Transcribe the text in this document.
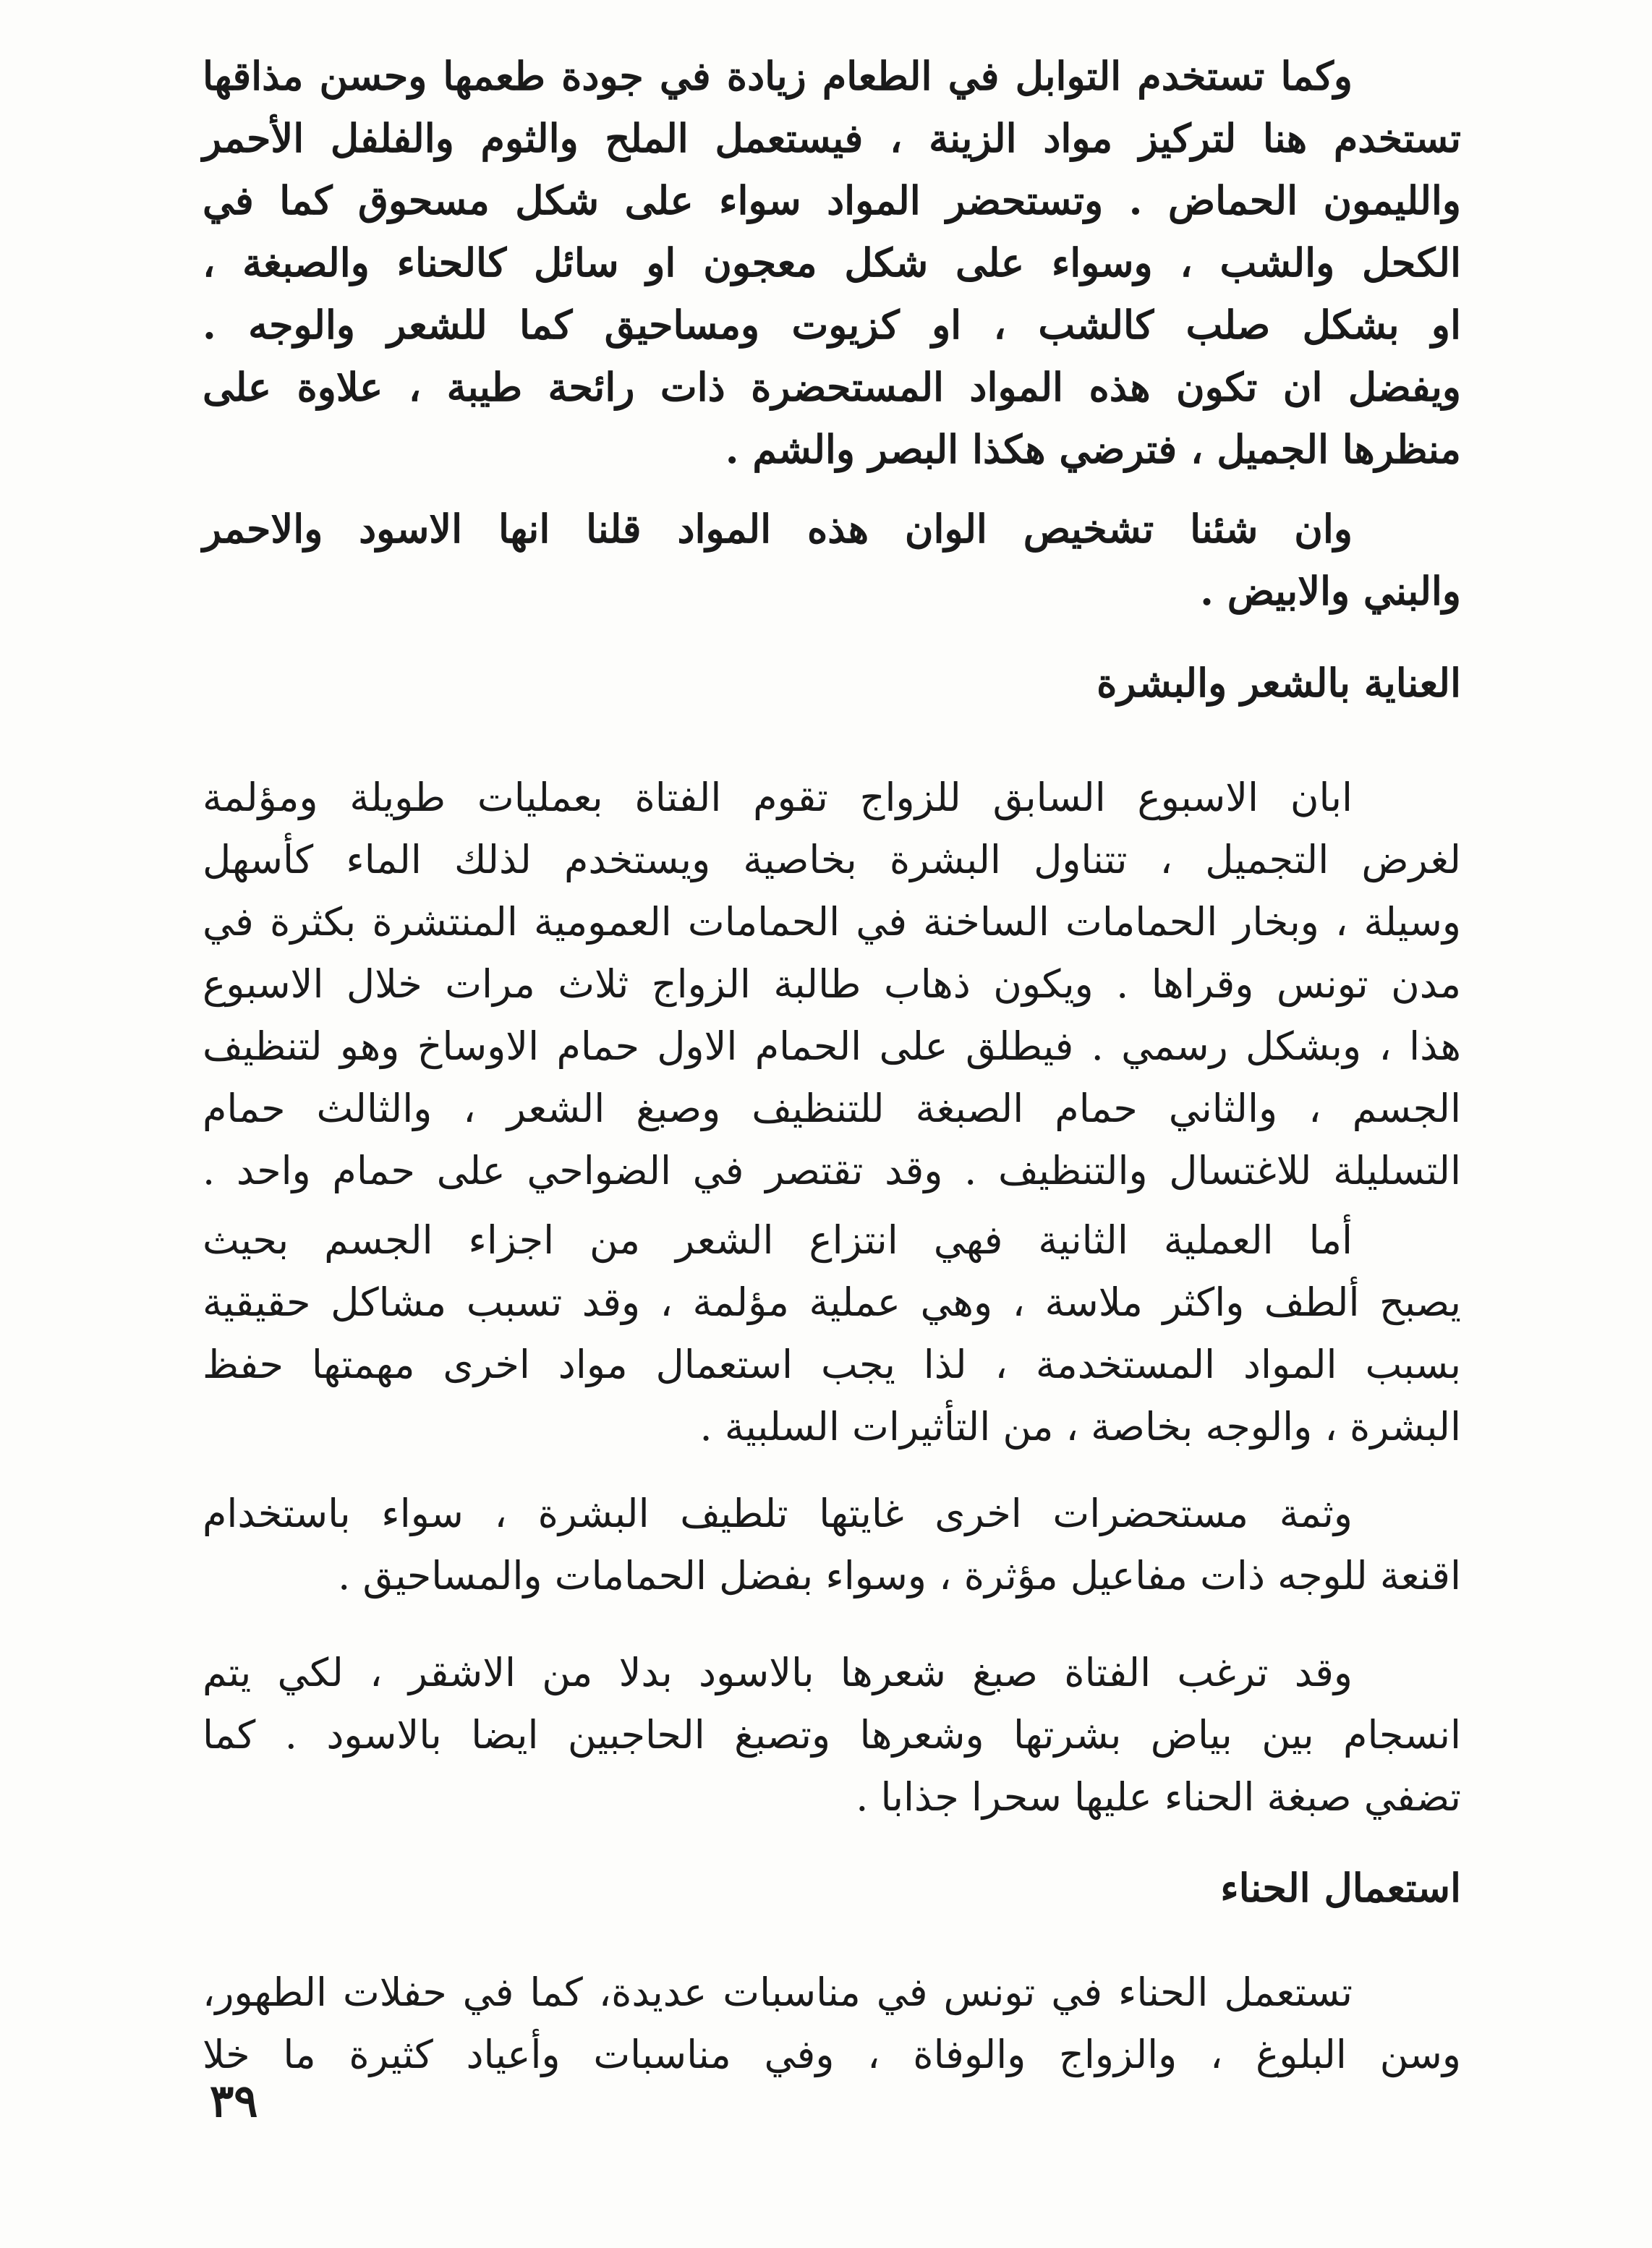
وكما تستخدم التوابل في الطعام زيادة في جودة طعمها وحسن مذاقها
تستخدم هنا لتركيز مواد الزينة ، فيستعمل الملح والثوم والفلفل الأحمر
والليمون الحماض . وتستحضر المواد سواء على شكل مسحوق كما في
الكحل والشب ، وسواء على شكل معجون او سائل كالحناء والصبغة ،
او بشكل صلب كالشب ، او كزيوت ومساحيق كما للشعر والوجه .
ويفضل ان تكون هذه المواد المستحضرة ذات رائحة طيبة ، علاوة على
منظرها الجميل ، فترضي هكذا البصر والشم .
وان شئنا تشخيص الوان هذه المواد قلنا انها الاسود والاحمر
والبني والابيض .
العناية بالشعر والبشرة
ابان الاسبوع السابق للزواج تقوم الفتاة بعمليات طويلة ومؤلمة
لغرض التجميل ، تتناول البشرة بخاصية ويستخدم لذلك الماء كأسهل
وسيلة ، وبخار الحمامات الساخنة في الحمامات العمومية المنتشرة بكثرة في
مدن تونس وقراها . ويكون ذهاب طالبة الزواج ثلاث مرات خلال الاسبوع
هذا ، وبشكل رسمي . فيطلق على الحمام الاول حمام الاوساخ وهو لتنظيف
الجسم ، والثاني حمام الصبغة للتنظيف وصبغ الشعر ، والثالث حمام
التسليلة للاغتسال والتنظيف . وقد تقتصر في الضواحي على حمام واحد .
أما العملية الثانية فهي انتزاع الشعر من اجزاء الجسم بحيث
يصبح ألطف واكثر ملاسة ، وهي عملية مؤلمة ، وقد تسبب مشاكل حقيقية
بسبب المواد المستخدمة ، لذا يجب استعمال مواد اخرى مهمتها حفظ
البشرة ، والوجه بخاصة ، من التأثيرات السلبية .
وثمة مستحضرات اخرى غايتها تلطيف البشرة ، سواء باستخدام
اقنعة للوجه ذات مفاعيل مؤثرة ، وسواء بفضل الحمامات والمساحيق .
وقد ترغب الفتاة صبغ شعرها بالاسود بدلا من الاشقر ، لكي يتم
انسجام بين بياض بشرتها وشعرها وتصبغ الحاجبين ايضا بالاسود . كما
تضفي صبغة الحناء عليها سحرا جذابا .
استعمال الحناء
تستعمل الحناء في تونس في مناسبات عديدة، كما في حفلات الطهور،
وسن البلوغ ، والزواج والوفاة ، وفي مناسبات وأعياد كثيرة ما خلا
٣٩
